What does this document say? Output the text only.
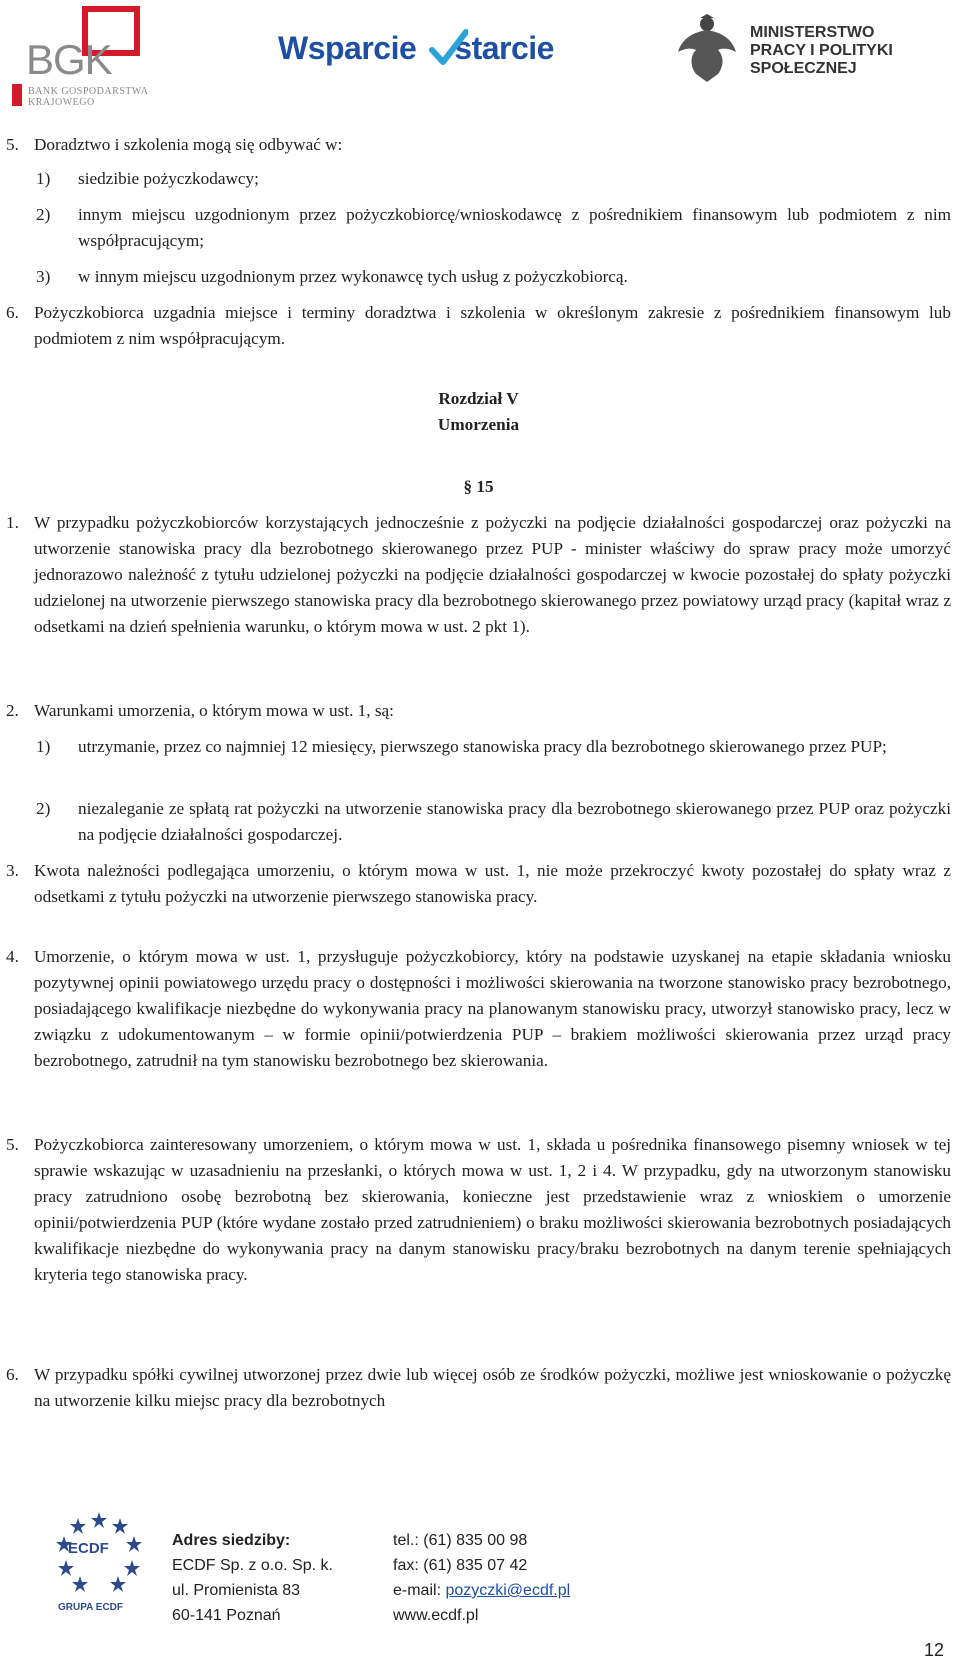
BGK
BANK GOSPODARSTWA
KRAJOWEGO
Wsparcie starcie	MINISTERSTWO
PRACY I POLITYKI
SPOŁECZNEJ
5. Doradztwo i szkolenia mogą się odbywać w:
1) siedzibie pożyczkodawcy;
2) innym miejscu uzgodnionym przez pożyczkobiorcę/wnioskodawcę z pośrednikiem finansowym lub podmiotem z nim współpracującym;
3) w innym miejscu uzgodnionym przez wykonawcę tych usług z pożyczkobiorcą.
6. Pożyczkobiorca uzgadnia miejsce i terminy doradztwa i szkolenia w określonym zakresie z pośrednikiem finansowym lub podmiotem z nim współpracującym.
Rozdział V
Umorzenia
§ 15
1. W przypadku pożyczkobiorców korzystających jednocześnie z pożyczki na podjęcie działalności gospodarczej oraz pożyczki na utworzenie stanowiska pracy dla bezrobotnego skierowanego przez PUP - minister właściwy do spraw pracy może umorzyć jednorazowo należność z tytułu udzielonej pożyczki na podjęcie działalności gospodarczej w kwocie pozostałej do spłaty pożyczki udzielonej na utworzenie pierwszego stanowiska pracy dla bezrobotnego skierowanego przez powiatowy urząd pracy (kapitał wraz z odsetkami na dzień spełnienia warunku, o którym mowa w ust. 2 pkt 1).
2. Warunkami umorzenia, o którym mowa w ust. 1, są:
1) utrzymanie, przez co najmniej 12 miesięcy, pierwszego stanowiska pracy dla bezrobotnego skierowanego przez PUP;
2) niezaleganie ze spłatą rat pożyczki na utworzenie stanowiska pracy dla bezrobotnego skierowanego przez PUP oraz pożyczki na podjęcie działalności gospodarczej.
3. Kwota należności podlegająca umorzeniu, o którym mowa w ust. 1, nie może przekroczyć kwoty pozostałej do spłaty wraz z odsetkami z tytułu pożyczki na utworzenie pierwszego stanowiska pracy.
4. Umorzenie, o którym mowa w ust. 1, przysługuje pożyczkobiorcy, który na podstawie uzyskanej na etapie składania wniosku pozytywnej opinii powiatowego urzędu pracy o dostępności i możliwości skierowania na tworzone stanowisko pracy bezrobotnego, posiadającego kwalifikacje niezbędne do wykonywania pracy na planowanym stanowisku pracy, utworzył stanowisko pracy, lecz w związku z udokumentowanym – w formie opinii/potwierdzenia PUP – brakiem możliwości skierowania przez urząd pracy bezrobotnego, zatrudnił na tym stanowisku bezrobotnego bez skierowania.
5. Pożyczkobiorca zainteresowany umorzeniem, o którym mowa w ust. 1, składa u pośrednika finansowego pisemny wniosek w tej sprawie wskazując w uzasadnieniu na przesłanki, o których mowa w ust. 1, 2 i 4. W przypadku, gdy na utworzonym stanowisku pracy zatrudniono osobę bezrobotną bez skierowania, konieczne jest przedstawienie wraz z wnioskiem o umorzenie opinii/potwierdzenia PUP (które wydane zostało przed zatrudnieniem) o braku możliwości skierowania bezrobotnych posiadających kwalifikacje niezbędne do wykonywania pracy na danym stanowisku pracy/braku bezrobotnych na danym terenie spełniających kryteria tego stanowiska pracy.
6. W przypadku spółki cywilnej utworzonej przez dwie lub więcej osób ze środków pożyczki, możliwe jest wnioskowanie o pożyczkę na utworzenie kilku miejsc pracy dla bezrobotnych
ECDF
GRUPA ECDF
Adres siedziby:
ECDF Sp. z o.o. Sp. k.
ul. Promienista 83
60-141 Poznań
tel.: (61) 835 00 98
fax: (61) 835 07 42
e-mail: pozyczki@ecdf.pl
www.ecdf.pl
12
